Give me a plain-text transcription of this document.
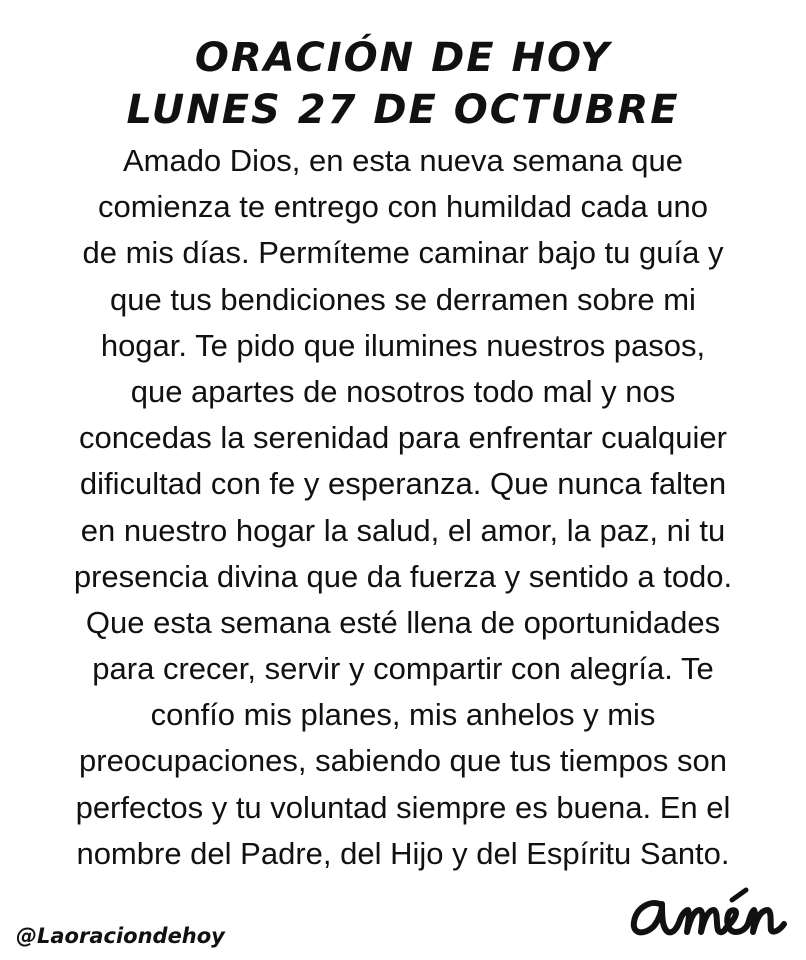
ORACIÓN DE HOY
LUNES 27 DE OCTUBRE
Amado Dios, en esta nueva semana que
comienza te entrego con humildad cada uno
de mis días. Permíteme caminar bajo tu guía y
que tus bendiciones se derramen sobre mi
hogar. Te pido que ilumines nuestros pasos,
que apartes de nosotros todo mal y nos
concedas la serenidad para enfrentar cualquier
dificultad con fe y esperanza. Que nunca falten
en nuestro hogar la salud, el amor, la paz, ni tu
presencia divina que da fuerza y sentido a todo.
Que esta semana esté llena de oportunidades
para crecer, servir y compartir con alegría. Te
confío mis planes, mis anhelos y mis
preocupaciones, sabiendo que tus tiempos son
perfectos y tu voluntad siempre es buena. En el
nombre del Padre, del Hijo y del Espíritu Santo.
@Laoraciondehoy
